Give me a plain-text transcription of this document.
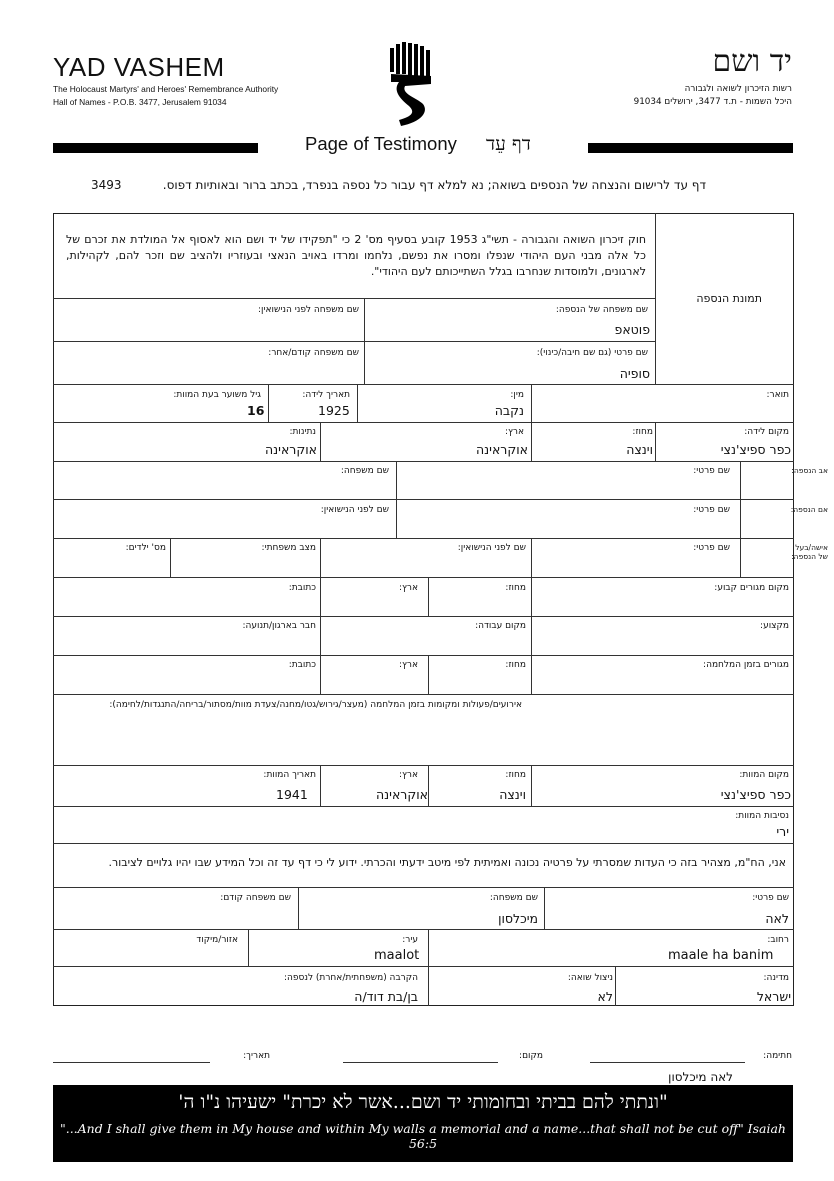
YAD VASHEM
The Holocaust Martyrs' and Heroes' Remembrance Authority
Hall of Names - P.O.B. 3477, Jerusalem 91034
יד ושם
רשות הזיכרון לשואה ולגבורה
היכל השמות - ת.ד 3477, ירושלים 91034
Page of Testimony דף עֵד
דף עד לרישום והנצחה של הנספים בשואה; נא למלא דף עבור כל נספה בנפרד, בכתב ברור ובאותיות דפוס.
3493
חוק זיכרון השואה והגבורה - תשי"ג 1953 קובע בסעיף מס' 2 כי "תפקידו של יד ושם הוא לאסוף אל המולדת את זכרם של כל אלה מבני העם היהודי שנפלו ומסרו את נפשם, נלחמו ומרדו באויב הנאצי ובעוזריו ולהציב שם וזכר להם, לקהילות, לארגונים, ולמוסדות שנחרבו בגלל השתייכותם לעם היהודי".
תמונת הנספה
שם משפחה של הנספה:
פוטאפ
שם משפחה לפני הנישואין:
שם פרטי (גם שם חיבה/כינוי):
סופיה
שם משפחה קודם/אחר:
תואר:
מין:
נקבה
תאריך לידה:
1925
גיל משוער בעת המוות:
16
מקום לידה:
כפר ספיצ'נצי
מחוז:
וינצה
ארץ:
אוקראינה
נתינות:
אוקראינה
אב הנספה:
שם פרטי:
שם משפחה:
אם הנספה:
שם פרטי:
שם לפני הנישואין:
אישה/בעל
של הנספה:
שם פרטי:
שם לפני הנישואין:
מצב משפחתי:
מס' ילדים:
מקום מגורים קבוע:
מחוז:
ארץ:
כתובת:
מקצוע:
מקום עבודה:
חבר בארגון/תנועה:
מגורים בזמן המלחמה:
מחוז:
ארץ:
כתובת:
אירועים/פעולות ומקומות בזמן המלחמה (מעצר/גירוש/גטו/מחנה/צעדת מוות/מסתור/בריחה/התנגדות/לחימה):
מקום המוות:
כפר ספיצ'נצי
מחוז:
וינצה
ארץ:
אוקראינה
תאריך המוות:
1941
נסיבות המוות:
ירי
אני, הח"מ, מצהיר בזה כי העדות שמסרתי על פרטיה נכונה ואמיתית לפי מיטב ידעתי והכרתי. ידוע לי כי דף עד זה וכל המידע שבו יהיו גלויים לציבור.
שם פרטי:
לאה
שם משפחה:
מיכלסון
שם משפחה קודם:
רחוב:
maale ha banim
עיר:
maalot
אזור/מיקוד
מדינה:
ישראל
ניצול שואה:
לא
הקרבה (משפחתית/אחרת) לנספה:
בן/בת דוד/ה
חתימה:
מקום:
תאריך:
לאה מיכלסון
"ונתתי להם בביתי ובחומותי יד ושם...אשר לא יכרת" ישעיהו נ"ו ה'
"...And I shall give them in My house and within My walls a memorial and a name...that shall not be cut off" Isaiah 56:5
